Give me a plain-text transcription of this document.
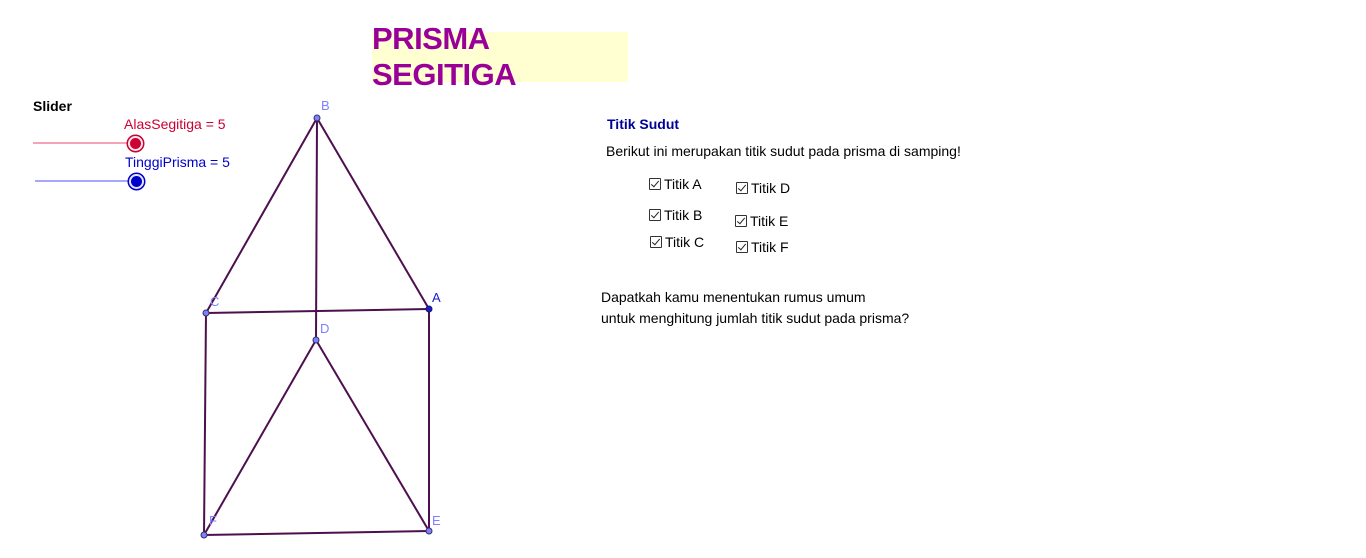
PRISMA SEGITIGA
Slider
AlasSegitiga = 5
TinggiPrisma = 5
B
C	A
D
F	E
Titik Sudut
Berikut ini merupakan titik sudut pada prisma di samping!
Titik A
Titik B
Titik C
Titik D
Titik E
Titik F
Dapatkah kamu menentukan rumus umum
untuk menghitung jumlah titik sudut pada prisma?
